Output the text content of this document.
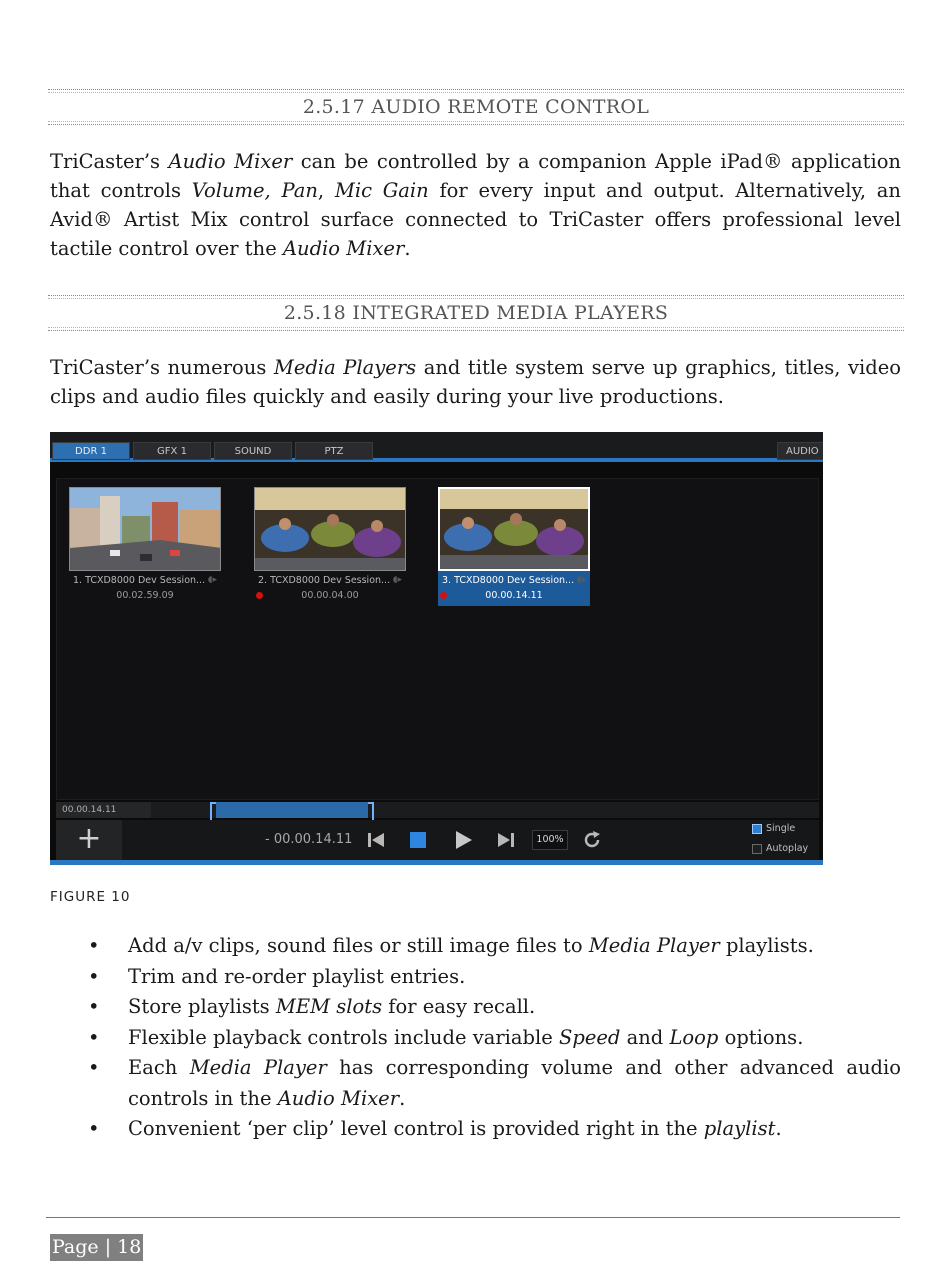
2.5.17 AUDIO REMOTE CONTROL

TriCaster’s Audio Mixer can be controlled by a companion Apple iPad® application that controls Volume, Pan, Mic Gain for every input and output. Alternatively, an Avid® Artist Mix control surface connected to TriCaster offers professional level tactile control over the Audio Mixer.

2.5.18 INTEGRATED MEDIA PLAYERS

TriCaster’s numerous Media Players and title system serve up graphics, titles, video clips and audio files quickly and easily during your live productions.

DDR 1	GFX 1	SOUND	PTZ	AUDIO
1. TCXD8000 Dev Session... ◖▸
00.02.59.09
2. TCXD8000 Dev Session... ◖▸
00.00.04.00
3. TCXD8000 Dev Session... ◖▸
00.00.14.11
00.00.14.11
+	- 00.00.14.11	100%
Single
Autoplay
FIGURE 10
• Add a/v clips, sound files or still image files to Media Player playlists.
• Trim and re-order playlist entries.
• Store playlists MEM slots for easy recall.
• Flexible playback controls include variable Speed and Loop options.
• Each Media Player has corresponding volume and other advanced audio controls in the Audio Mixer.
• Convenient ‘per clip’ level control is provided right in the playlist.
Page | 18
